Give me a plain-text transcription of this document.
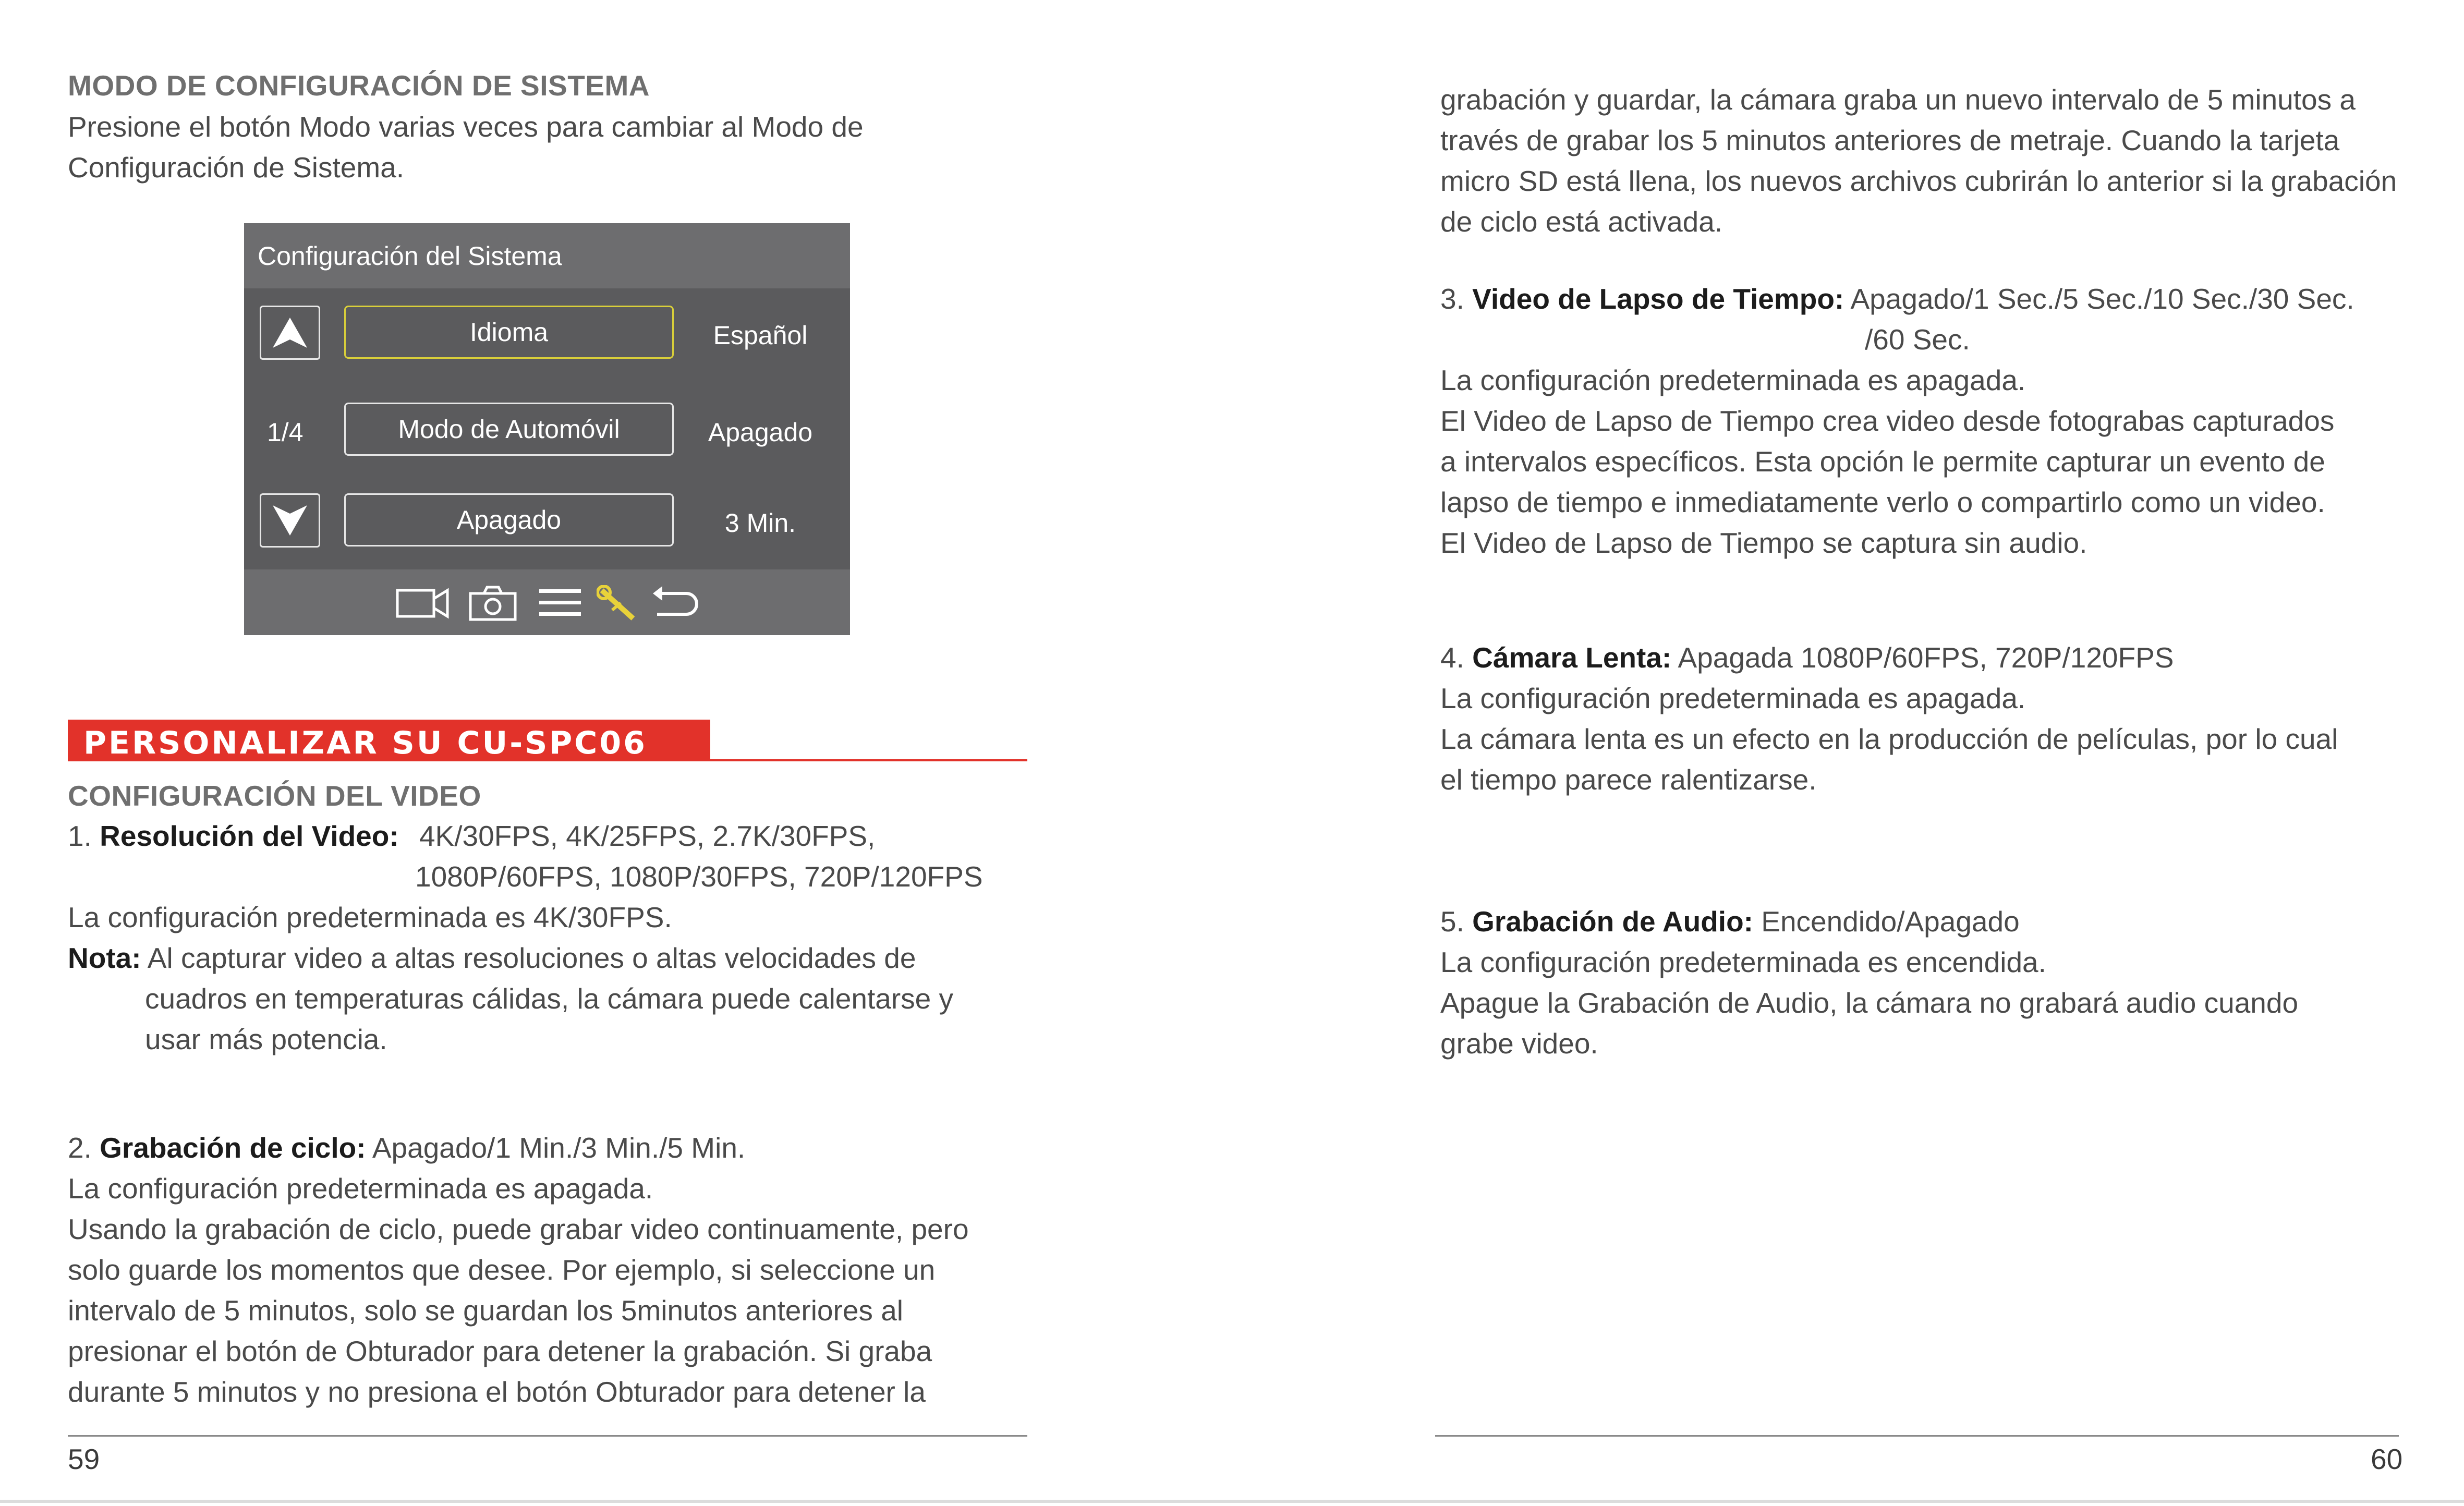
MODO DE CONFIGURACIÓN DE SISTEMA
Presione el botón Modo varias veces para cambiar al Modo de
Configuración de Sistema.
Configuración del Sistema
Idioma	Español
1/4	Modo de Automóvil	Apagado
Apagado	3 Min.
PERSONALIZAR SU CU-SPC06
CONFIGURACIÓN DEL VIDEO
1. Resolución del Video: 4K/30FPS, 4K/25FPS, 2.7K/30FPS,
1080P/60FPS, 1080P/30FPS, 720P/120FPS
La configuración predeterminada es 4K/30FPS.
Nota: Al capturar video a altas resoluciones o altas velocidades de
cuadros en temperaturas cálidas, la cámara puede calentarse y
usar más potencia.
2. Grabación de ciclo: Apagado/1 Min./3 Min./5 Min.
La configuración predeterminada es apagada.
Usando la grabación de ciclo, puede grabar video continuamente, pero
solo guarde los momentos que desee. Por ejemplo, si seleccione un
intervalo de 5 minutos, solo se guardan los 5minutos anteriores al
presionar el botón de Obturador para detener la grabación. Si graba
durante 5 minutos y no presiona el botón Obturador para detener la
59
grabación y guardar, la cámara graba un nuevo intervalo de 5 minutos a
través de grabar los 5 minutos anteriores de metraje. Cuando la tarjeta
micro SD está llena, los nuevos archivos cubrirán lo anterior si la grabación
de ciclo está activada.
3. Video de Lapso de Tiempo: Apagado/1 Sec./5 Sec./10 Sec./30 Sec.
/60 Sec.
La configuración predeterminada es apagada.
El Video de Lapso de Tiempo crea video desde fotograbas capturados
a intervalos específicos. Esta opción le permite capturar un evento de
lapso de tiempo e inmediatamente verlo o compartirlo como un video.
El Video de Lapso de Tiempo se captura sin audio.
4. Cámara Lenta: Apagada 1080P/60FPS, 720P/120FPS
La configuración predeterminada es apagada.
La cámara lenta es un efecto en la producción de películas, por lo cual
el tiempo parece ralentizarse.
5. Grabación de Audio: Encendido/Apagado
La configuración predeterminada es encendida.
Apague la Grabación de Audio, la cámara no grabará audio cuando
grabe video.
60
